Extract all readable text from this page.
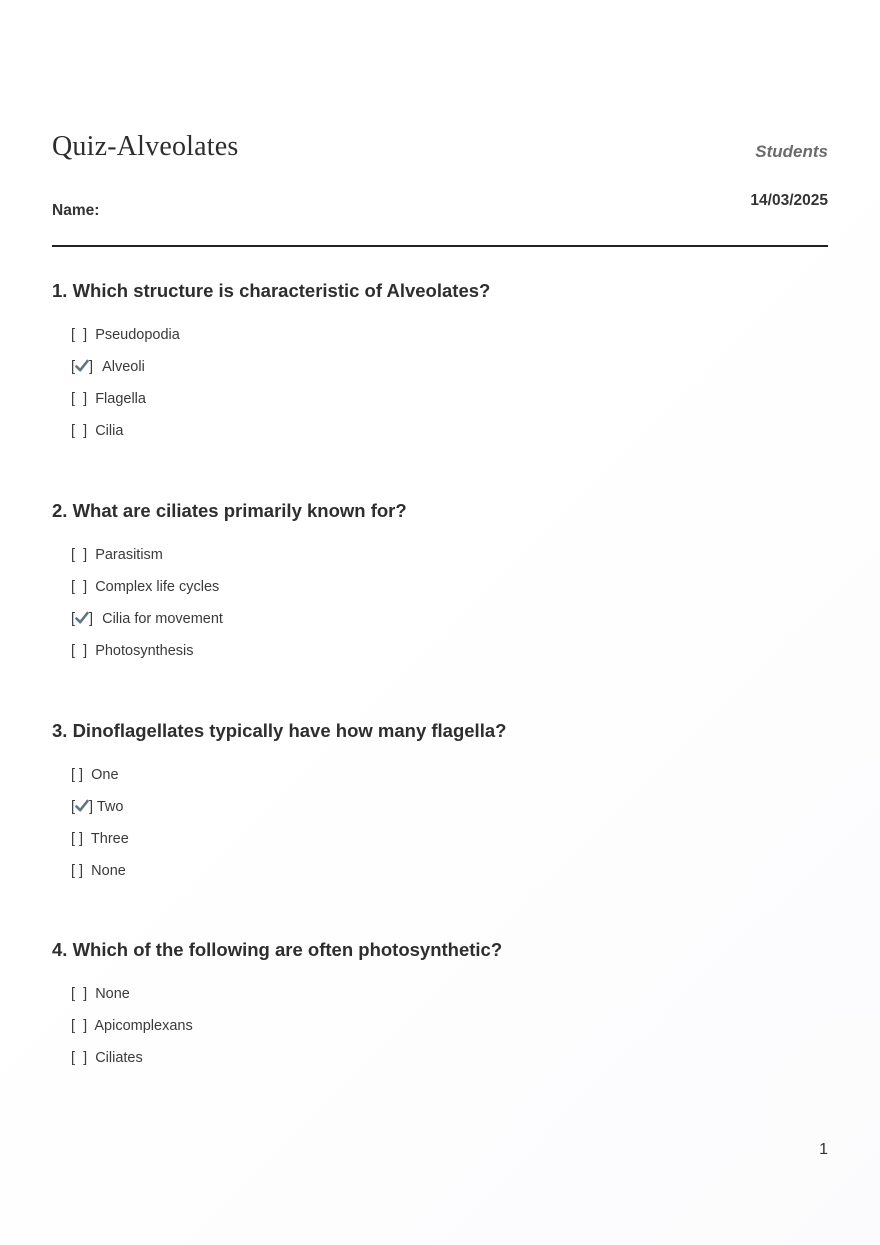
Quiz-Alveolates	Students
14/03/2025
Name:
1. Which structure is characteristic of Alveolates?
[  ]  Pseudopodia
[ ] Alveoli
[  ]  Flagella
[  ]  Cilia
2. What are ciliates primarily known for?
[  ]  Parasitism
[  ]  Complex life cycles
[ ] Cilia for movement
[  ]  Photosynthesis
3. Dinoflagellates typically have how many flagella?
[ ]  One
[ ] Two
[ ]  Three
[ ]  None
4. Which of the following are often photosynthetic?
[  ]  None
[  ]  Apicomplexans
[  ]  Ciliates
1
